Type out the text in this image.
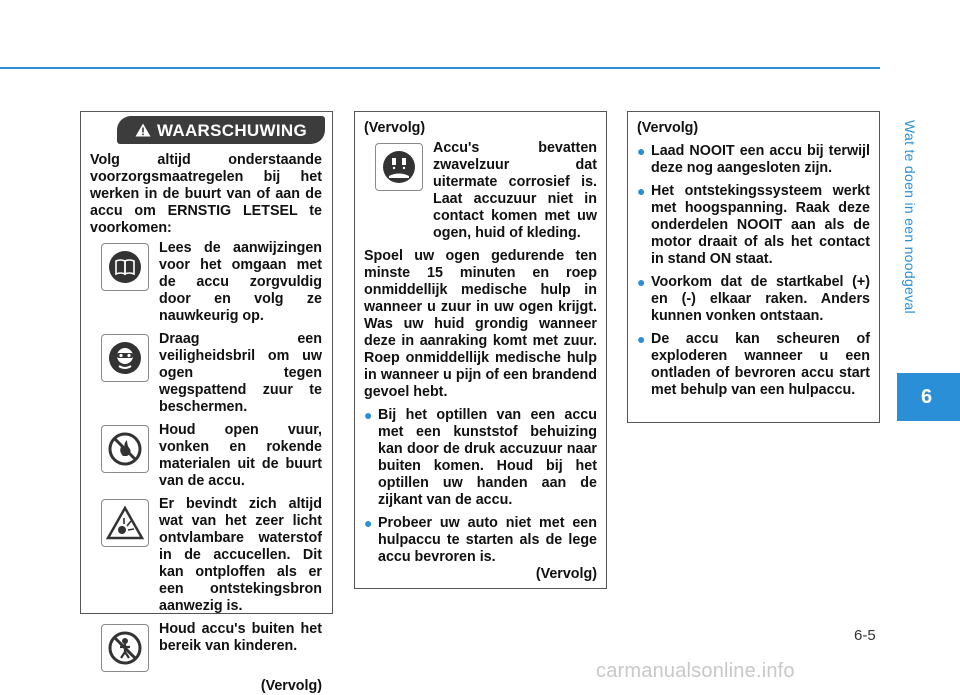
Wat te doen in een noodgeval
6
WAARSCHUWING

Volg altijd onderstaande voorzorgsmaatregelen bij het werken in de buurt van of aan de accu om ERNSTIG LETSEL te voorkomen:

Lees de aanwijzingen voor het omgaan met de accu zorgvuldig door en volg ze nauwkeurig op.
Draag een veiligheidsbril om uw ogen tegen wegspattend zuur te beschermen.
Houd open vuur, vonken en rokende materialen uit de buurt van de accu.
Er bevindt zich altijd wat van het zeer licht ontvlambare waterstof in de accucellen. Dit kan ontploffen als er een ontstekingsbron aanwezig is.
Houd accu's buiten het bereik van kinderen.

(Vervolg)

(Vervolg)

Accu's bevatten zwavelzuur dat uitermate corrosief is. Laat accuzuur niet in contact komen met uw ogen, huid of kleding.

Spoel uw ogen gedurende ten minste 15 minuten en roep onmiddellijk medische hulp in wanneer u zuur in uw ogen krijgt. Was uw huid grondig wanneer deze in aanraking komt met zuur. Roep onmiddellijk medische hulp in wanneer u pijn of een brandend gevoel hebt.

● Bij het optillen van een accu met een kunststof behuizing kan door de druk accuzuur naar buiten komen. Houd bij het optillen uw handen aan de zijkant van de accu.
● Probeer uw auto niet met een hulpaccu te starten als de lege accu bevroren is.

(Vervolg)

(Vervolg)

● Laad NOOIT een accu bij terwijl deze nog aangesloten zijn.
● Het ontstekingssysteem werkt met hoogspanning. Raak deze onderdelen NOOIT aan als de motor draait of als het contact in stand ON staat.
● Voorkom dat de startkabel (+) en (-) elkaar raken. Anders kunnen vonken ontstaan.
● De accu kan scheuren of exploderen wanneer u een ontladen of bevroren accu start met behulp van een hulpaccu.
6-5
carmanualsonline.info
